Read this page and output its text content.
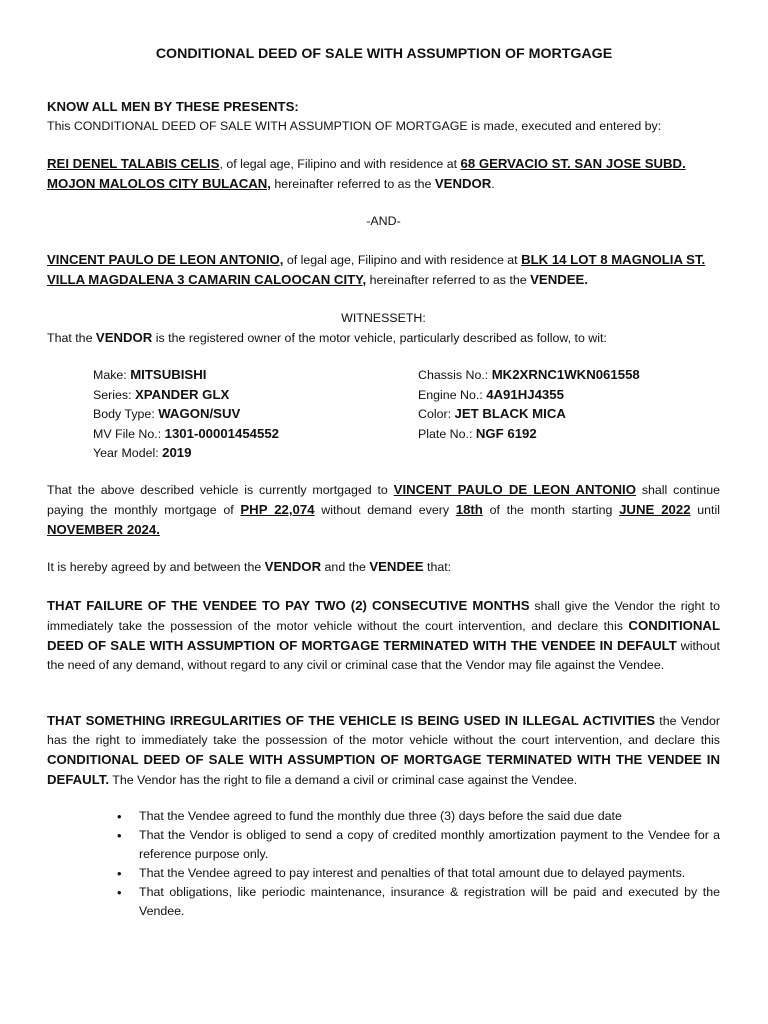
CONDITIONAL DEED OF SALE WITH ASSUMPTION OF MORTGAGE
KNOW ALL MEN BY THESE PRESENTS:
This CONDITIONAL DEED OF SALE WITH ASSUMPTION OF MORTGAGE is made, executed and entered by:
REI DENEL TALABIS CELIS, of legal age, Filipino and with residence at 68 GERVACIO ST. SAN JOSE SUBD. MOJON MALOLOS CITY BULACAN, hereinafter referred to as the VENDOR.
-AND-
VINCENT PAULO DE LEON ANTONIO, of legal age, Filipino and with residence at BLK 14 LOT 8 MAGNOLIA ST. VILLA MAGDALENA 3 CAMARIN CALOOCAN CITY, hereinafter referred to as the VENDEE.
WITNESSETH:
That the VENDOR is the registered owner of the motor vehicle, particularly described as follow, to wit:
Make: MITSUBISHI
Series: XPANDER GLX
Body Type: WAGON/SUV
MV File No.: 1301-00001454552
Year Model: 2019
Chassis No.: MK2XRNC1WKN061558
Engine No.: 4A91HJ4355
Color: JET BLACK MICA
Plate No.: NGF 6192
That the above described vehicle is currently mortgaged to VINCENT PAULO DE LEON ANTONIO shall continue paying the monthly mortgage of PHP 22,074 without demand every 18th of the month starting JUNE 2022 until NOVEMBER 2024.
It is hereby agreed by and between the VENDOR and the VENDEE that:
THAT FAILURE OF THE VENDEE TO PAY TWO (2) CONSECUTIVE MONTHS shall give the Vendor the right to immediately take the possession of the motor vehicle without the court intervention, and declare this CONDITIONAL DEED OF SALE WITH ASSUMPTION OF MORTGAGE TERMINATED WITH THE VENDEE IN DEFAULT without the need of any demand, without regard to any civil or criminal case that the Vendor may file against the Vendee.
THAT SOMETHING IRREGULARITIES OF THE VEHICLE IS BEING USED IN ILLEGAL ACTIVITIES the Vendor has the right to immediately take the possession of the motor vehicle without the court intervention, and declare this CONDITIONAL DEED OF SALE WITH ASSUMPTION OF MORTGAGE TERMINATED WITH THE VENDEE IN DEFAULT. The Vendor has the right to file a demand a civil or criminal case against the Vendee.
• That the Vendee agreed to fund the monthly due three (3) days before the said due date
• That the Vendor is obliged to send a copy of credited monthly amortization payment to the Vendee for a reference purpose only.
• That the Vendee agreed to pay interest and penalties of that total amount due to delayed payments.
• That obligations, like periodic maintenance, insurance & registration will be paid and executed by the Vendee.
